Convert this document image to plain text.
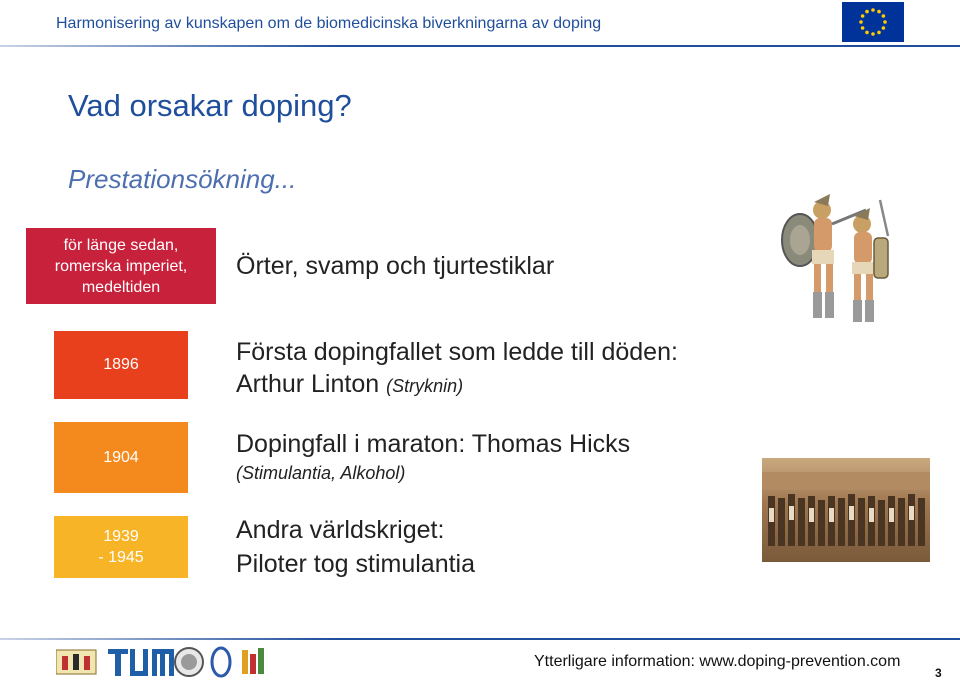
Harmonisering av kunskapen om de biomedicinska biverkningarna av doping
Vad orsakar doping?
Prestationsökning...
för länge sedan,
romerska imperiet,
medeltiden
1896
1904
1939
- 1945
Örter, svamp och tjurtestiklar
Första dopingfallet som ledde till döden:
Arthur Linton (Stryknin)
Dopingfall i maraton: Thomas Hicks
(Stimulantia, Alkohol)
Andra världskriget:
Piloter tog stimulantia
Ytterligare information: www.doping-prevention.com
3
